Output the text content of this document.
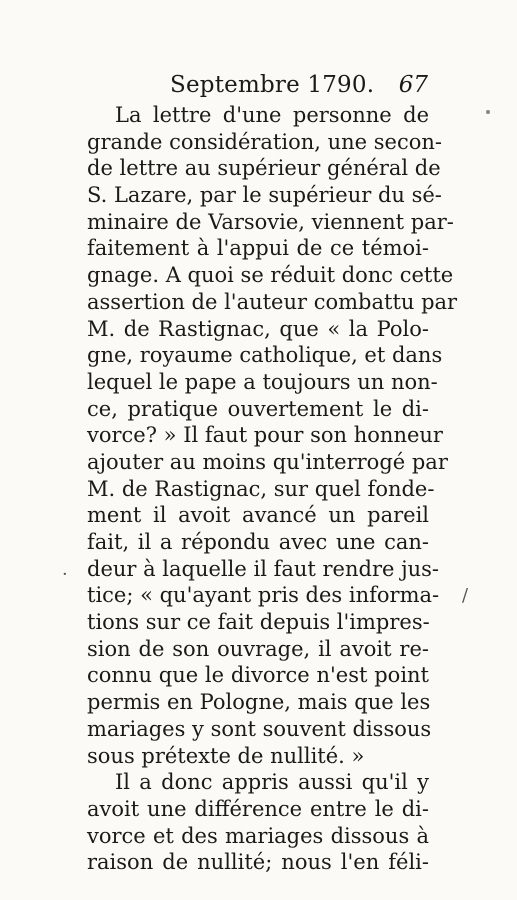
Septembre 1790. 67
La lettre d'une personne de
grande considération, une secon-
de lettre au supérieur général de
S. Lazare, par le supérieur du sé-
minaire de Varsovie, viennent par-
faitement à l'appui de ce témoi-
gnage. A quoi se réduit donc cette
assertion de l'auteur combattu par
M. de Rastignac, que « la Polo-
gne, royaume catholique, et dans
lequel le pape a toujours un non-
ce, pratique ouvertement le di-
vorce? » Il faut pour son honneur
ajouter au moins qu'interrogé par
M. de Rastignac, sur quel fonde-
ment il avoit avancé un pareil
fait, il a répondu avec une can-
deur à laquelle il faut rendre jus-
tice; « qu'ayant pris des informa-
tions sur ce fait depuis l'impres-
sion de son ouvrage, il avoit re-
connu que le divorce n'est point
permis en Pologne, mais que les
mariages y sont souvent dissous
sous prétexte de nullité. »
Il a donc appris aussi qu'il y
avoit une différence entre le di-
vorce et des mariages dissous à
raison de nullité; nous l'en féli-
·
/
